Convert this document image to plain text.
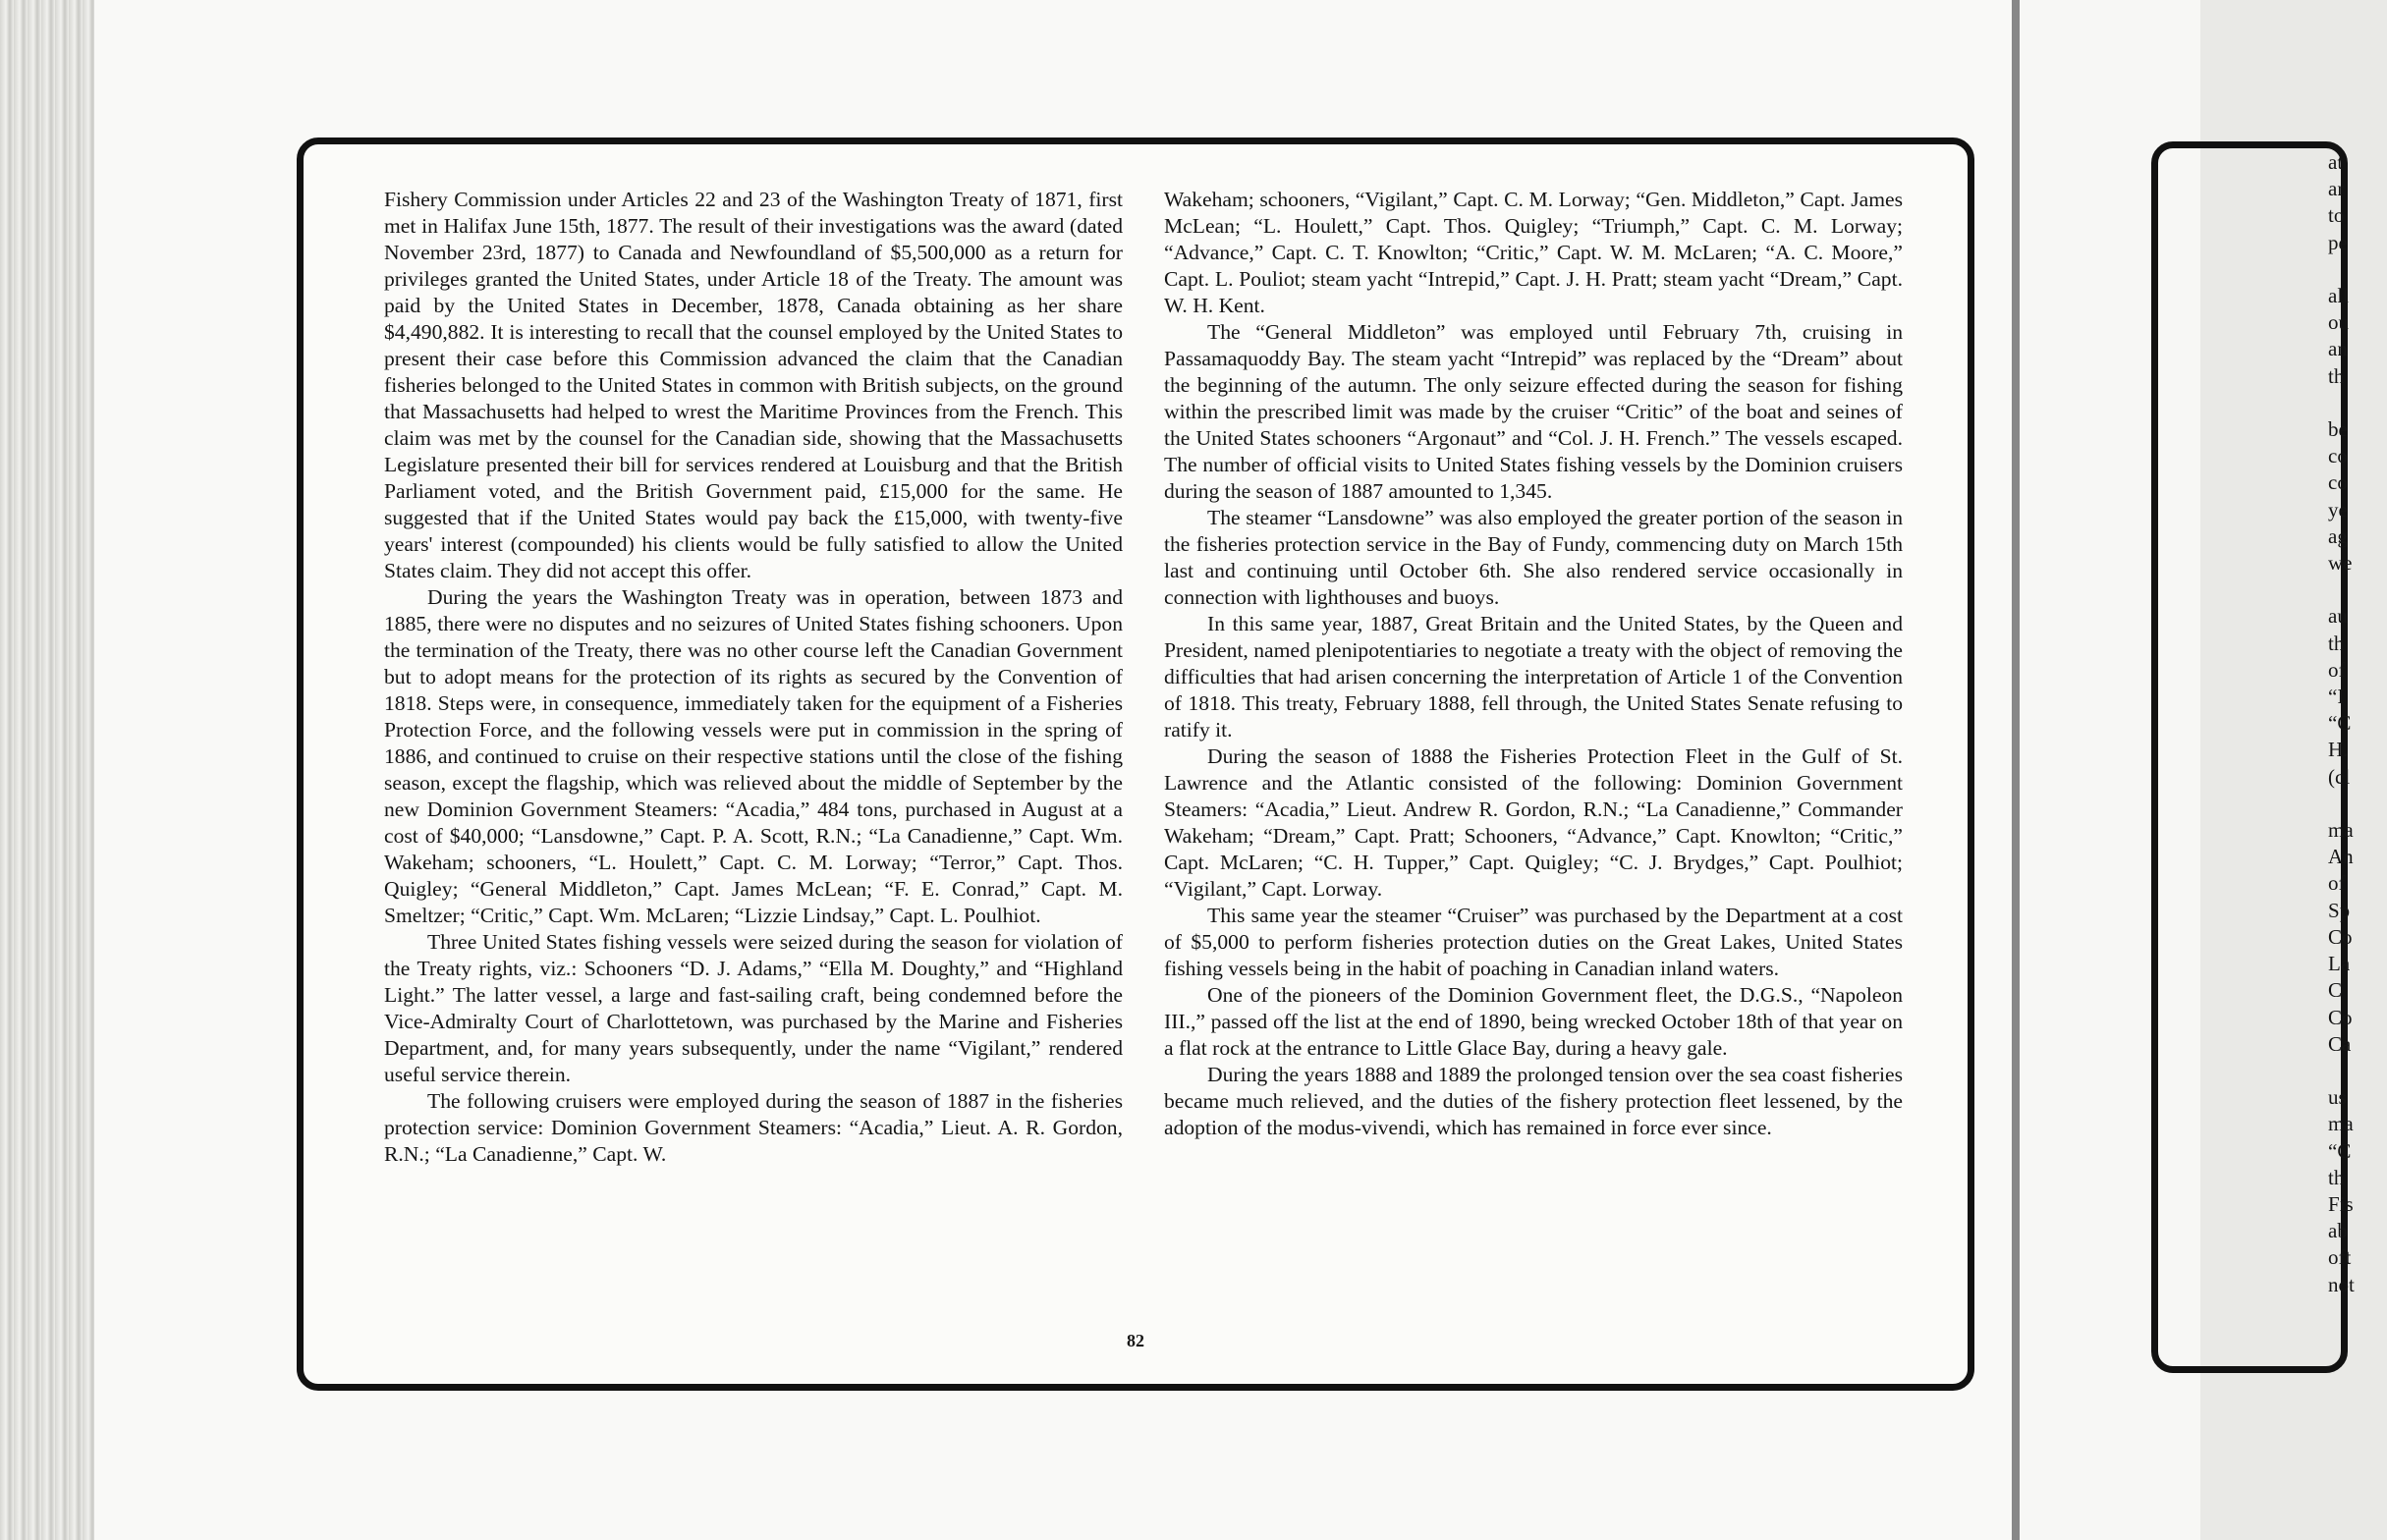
Fishery Commission under Articles 22 and 23 of the Washington Treaty of 1871, first met in Halifax June 15th, 1877. The result of their investigations was the award (dated November 23rd, 1877) to Canada and Newfoundland of $5,500,000 as a return for privileges granted the United States, under Article 18 of the Treaty. The amount was paid by the United States in December, 1878, Canada obtaining as her share $4,490,882. It is interesting to recall that the counsel employed by the United States to present their case before this Commission advanced the claim that the Canadian fisheries belonged to the United States in common with British subjects, on the ground that Massachusetts had helped to wrest the Maritime Provinces from the French. This claim was met by the counsel for the Canadian side, showing that the Massachusetts Legislature presented their bill for services rendered at Louisburg and that the British Parliament voted, and the British Government paid, £15,000 for the same. He suggested that if the United States would pay back the £15,000, with twenty-five years' interest (compounded) his clients would be fully satisfied to allow the United States claim. They did not accept this offer.

During the years the Washington Treaty was in operation, between 1873 and 1885, there were no disputes and no seizures of United States fishing schooners. Upon the termination of the Treaty, there was no other course left the Canadian Government but to adopt means for the protection of its rights as secured by the Convention of 1818. Steps were, in consequence, immediately taken for the equipment of a Fisheries Protection Force, and the following vessels were put in commission in the spring of 1886, and continued to cruise on their respective stations until the close of the fishing season, except the flagship, which was relieved about the middle of September by the new Dominion Government Steamers: “Acadia,” 484 tons, purchased in August at a cost of $40,000; “Lansdowne,” Capt. P. A. Scott, R.N.; “La Canadienne,” Capt. Wm. Wakeham; schooners, “L. Houlett,” Capt. C. M. Lorway; “Terror,” Capt. Thos. Quigley; “General Middleton,” Capt. James McLean; “F. E. Conrad,” Capt. M. Smeltzer; “Critic,” Capt. Wm. McLaren; “Lizzie Lindsay,” Capt. L. Poulhiot.

Three United States fishing vessels were seized during the season for violation of the Treaty rights, viz.: Schooners “D. J. Adams,” “Ella M. Doughty,” and “Highland Light.” The latter vessel, a large and fast-sailing craft, being condemned before the Vice-Admiralty Court of Charlottetown, was purchased by the Marine and Fisheries Department, and, for many years subsequently, under the name “Vigilant,” rendered useful service therein.

The following cruisers were employed during the season of 1887 in the fisheries protection service: Dominion Government Steamers: “Acadia,” Lieut. A. R. Gordon, R.N.; “La Canadienne,” Capt. W.

Wakeham; schooners, “Vigilant,” Capt. C. M. Lorway; “Gen. Middleton,” Capt. James McLean; “L. Houlett,” Capt. Thos. Quigley; “Triumph,” Capt. C. M. Lorway; “Advance,” Capt. C. T. Knowlton; “Critic,” Capt. W. M. McLaren; “A. C. Moore,” Capt. L. Pouliot; steam yacht “Intrepid,” Capt. J. H. Pratt; steam yacht “Dream,” Capt. W. H. Kent.

The “General Middleton” was employed until February 7th, cruising in Passamaquoddy Bay. The steam yacht “Intrepid” was replaced by the “Dream” about the beginning of the autumn. The only seizure effected during the season for fishing within the prescribed limit was made by the cruiser “Critic” of the boat and seines of the United States schooners “Argonaut” and “Col. J. H. French.” The vessels escaped. The number of official visits to United States fishing vessels by the Dominion cruisers during the season of 1887 amounted to 1,345.

The steamer “Lansdowne” was also employed the greater portion of the season in the fisheries protection service in the Bay of Fundy, commencing duty on March 15th last and continuing until October 6th. She also rendered service occasionally in connection with lighthouses and buoys.

In this same year, 1887, Great Britain and the United States, by the Queen and President, named plenipotentiaries to negotiate a treaty with the object of removing the difficulties that had arisen concerning the interpretation of Article 1 of the Convention of 1818. This treaty, February 1888, fell through, the United States Senate refusing to ratify it.

During the season of 1888 the Fisheries Protection Fleet in the Gulf of St. Lawrence and the Atlantic consisted of the following: Dominion Government Steamers: “Acadia,” Lieut. Andrew R. Gordon, R.N.; “La Canadienne,” Commander Wakeham; “Dream,” Capt. Pratt; Schooners, “Advance,” Capt. Knowlton; “Critic,” Capt. McLaren; “C. H. Tupper,” Capt. Quigley; “C. J. Brydges,” Capt. Poulhiot; “Vigilant,” Capt. Lorway.

This same year the steamer “Cruiser” was purchased by the Department at a cost of $5,000 to perform fisheries protection duties on the Great Lakes, United States fishing vessels being in the habit of poaching in Canadian inland waters.

One of the pioneers of the Dominion Government fleet, the D.G.S., “Napoleon III.,” passed off the list at the end of 1890, being wrecked October 18th of that year on a flat rock at the entrance to Little Glace Bay, during a heavy gale.

During the years 1888 and 1889 the prolonged tension over the sea coast fisheries became much relieved, and the duties of the fishery protection fleet lessened, by the adoption of the modus-vivendi, which has remained in force ever since.

82
at
ar
to
pe

all
ou
an
th

be
co
co
ye
ag
we

au
th
of
“I
“C
H.
(cl

ma
An
of
Sp
Co
La
C
Co
Ca

us
ma
“C
th
Fis
ab
oft
not
